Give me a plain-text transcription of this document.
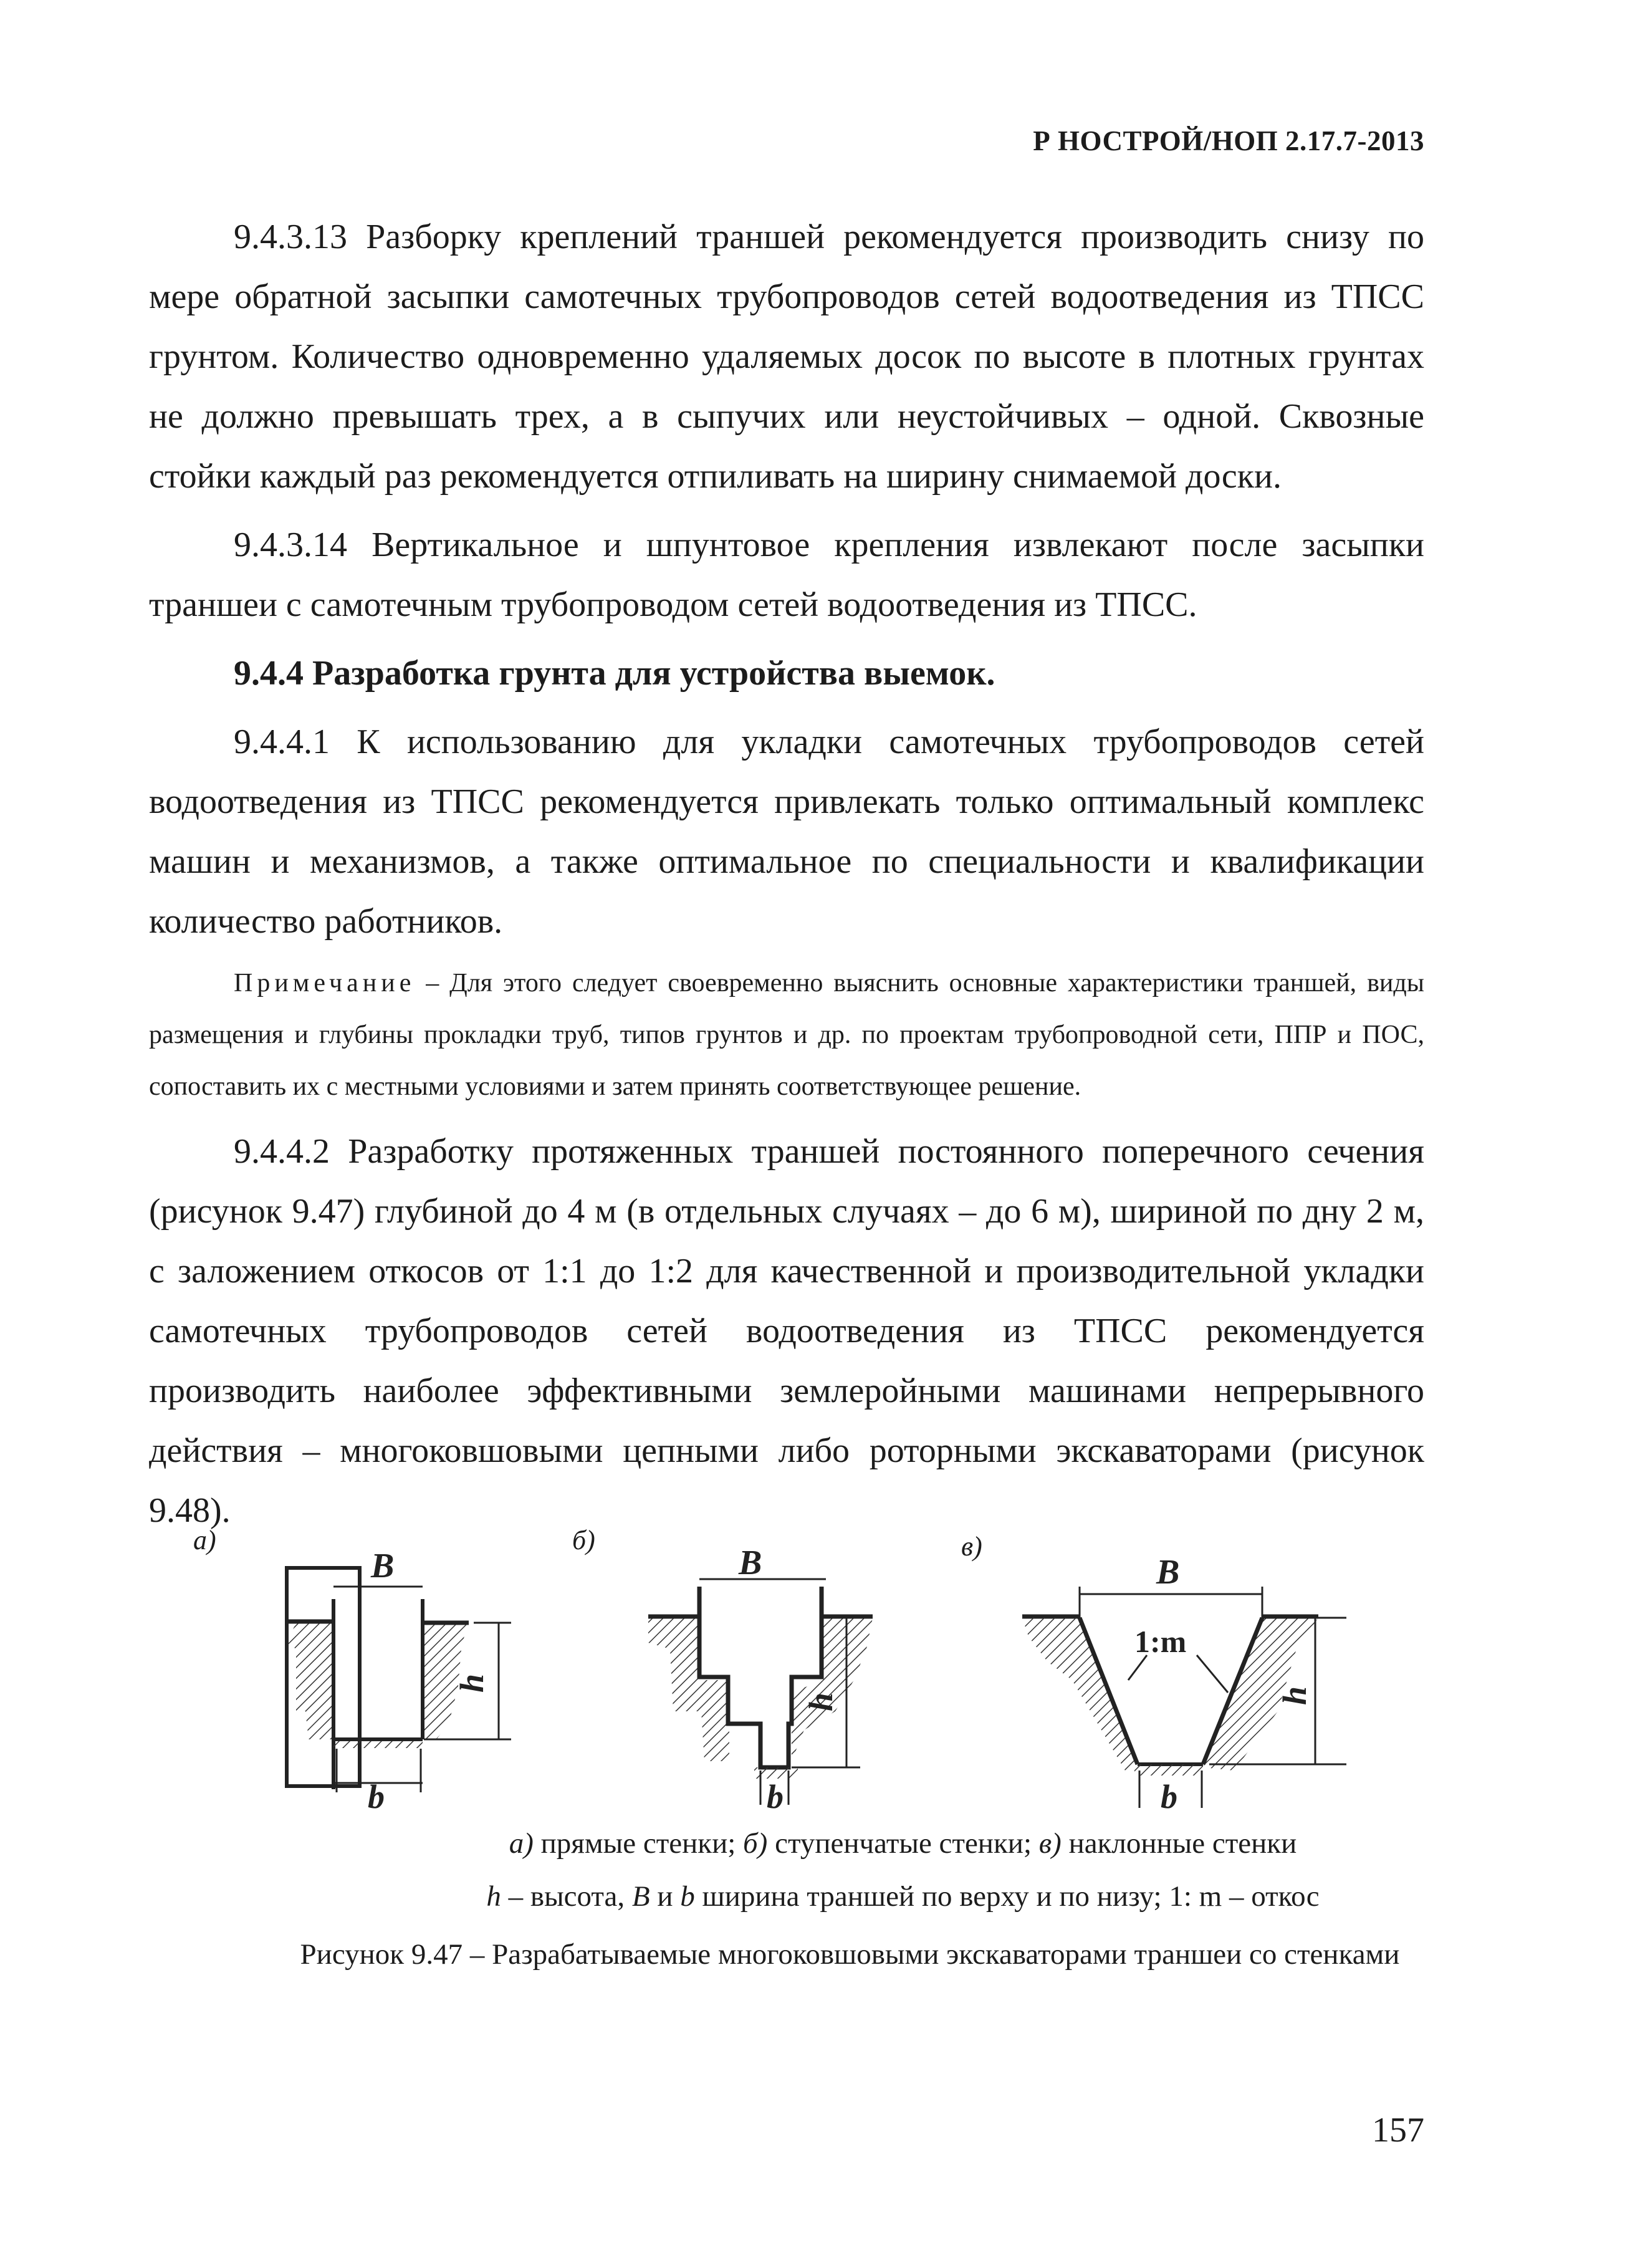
Р НОСТРОЙ/НОП 2.17.7-2013

9.4.3.13 Разборку креплений траншей рекомендуется производить снизу по мере обратной засыпки самотечных трубопроводов сетей водоотведения из ТПСС грунтом. Количество одновременно удаляемых досок по высоте в плотных грунтах не должно превышать трех, а в сыпучих или неустойчивых – одной. Сквозные стойки каждый раз рекомендуется отпиливать на ширину снимаемой доски.

9.4.3.14 Вертикальное и шпунтовое крепления извлекают после засыпки траншеи с самотечным трубопроводом сетей водоотведения из ТПСС.

9.4.4 Разработка грунта для устройства выемок.

9.4.4.1 К использованию для укладки самотечных трубопроводов сетей водоотведения из ТПСС рекомендуется привлекать только оптимальный комплекс машин и механизмов, а также оптимальное по специальности и квалификации количество работников.

Примечание – Для этого следует своевременно выяснить основные характеристики траншей, виды размещения и глубины прокладки труб, типов грунтов и др. по проектам трубопроводной сети, ППР и ПОС, сопоставить их с местными условиями и затем принять соответствующее решение.

9.4.4.2 Разработку протяженных траншей постоянного поперечного сечения (рисунок 9.47) глубиной до 4 м (в отдельных случаях – до 6 м), шириной по дну 2 м, с заложением откосов от 1:1 до 1:2 для качественной и производительной укладки самотечных трубопроводов сетей водоотведения из ТПСС рекомендуется производить наиболее эффективными землеройными машинами непрерывного действия – многоковшовыми цепными либо роторными экскаваторами (рисунок 9.48).

а)	б)	в)
B
b
h
B
b
h
B
1:m
b
h
а) прямые стенки; б) ступенчатые стенки; в) наклонные стенки
h – высота, B и b ширина траншей по верху и по низу; 1: m – откос
Рисунок 9.47 – Разрабатываемые многоковшовыми экскаваторами траншеи со стенками
157
